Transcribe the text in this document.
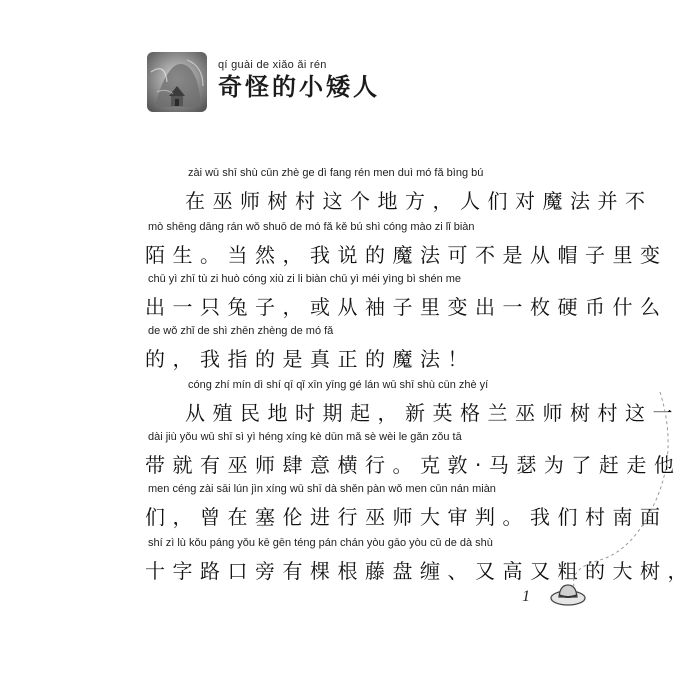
qí guài de xiǎo ǎi rén
奇怪的小矮人
zài wū shī shù cūn zhè ge dì fang rén men duì mó fǎ bìng bú
在巫师树村这个地方，人们对魔法并不
mò shēng dāng rán wǒ shuō de mó fǎ kě bú shì cóng mào zi lǐ biàn
陌生。当然，我说的魔法可不是从帽子里变
chū yì zhī tù zi huò cóng xiù zi li biàn chū yì méi yìng bì shén me
出一只兔子，或从袖子里变出一枚硬币什么
de wǒ zhǐ de shì zhēn zhèng de mó fǎ
的，我指的是真正的魔法！
cóng zhí mín dì shí qī qǐ xīn yīng gé lán wū shī shù cūn zhè yí
从殖民地时期起，新英格兰巫师树村这一
dài jiù yǒu wū shī sì yì héng xíng kè dūn mǎ sè wèi le gǎn zǒu tā
带就有巫师肆意横行。克敦·马瑟为了赶走他
men céng zài sāi lún jìn xíng wū shī dà shěn pàn wǒ men cūn nán miàn
们，曾在塞伦进行巫师大审判。我们村南面
shí zì lù kǒu páng yǒu kē gēn téng pán chán yòu gāo yòu cū de dà shù
十字路口旁有棵根藤盘缠、又高又粗的大树，
1
